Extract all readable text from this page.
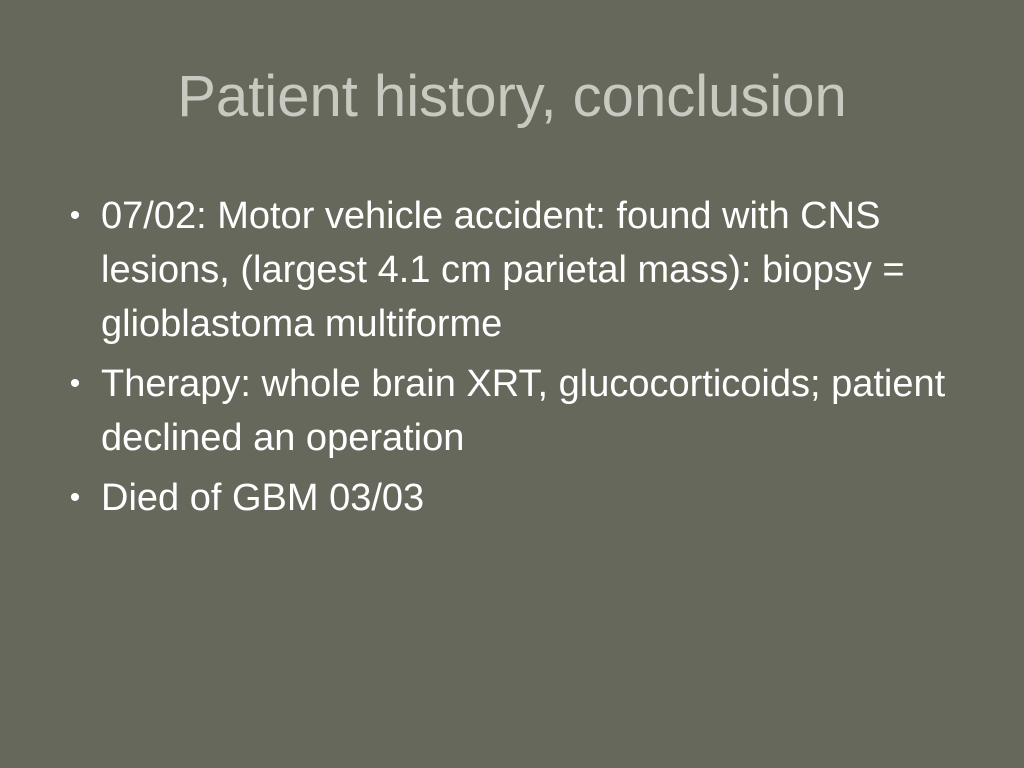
Patient history, conclusion
• 07/02: Motor vehicle accident: found with CNS lesions, (largest 4.1 cm parietal mass): biopsy = glioblastoma multiforme
• Therapy: whole brain XRT, glucocorticoids; patient declined an operation
• Died of GBM 03/03
